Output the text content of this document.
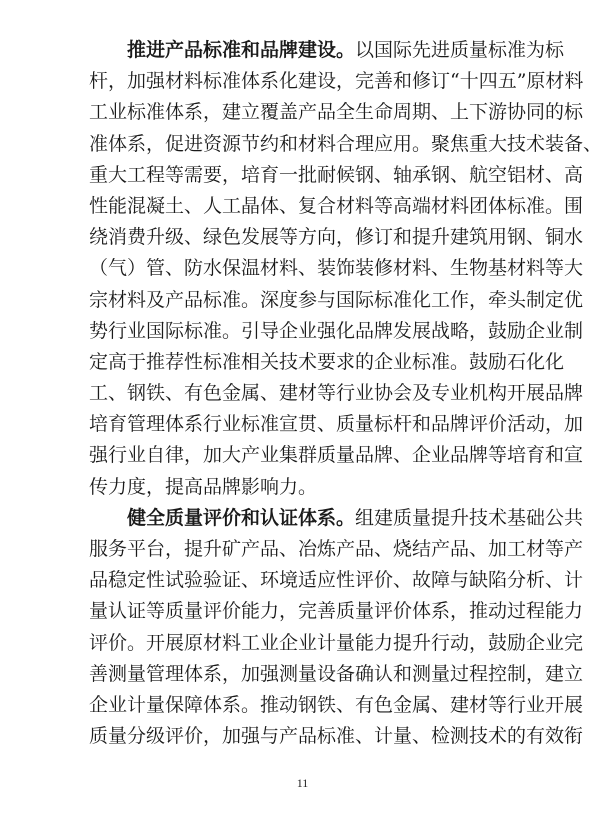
推进产品标准和品牌建设。以国际先进质量标准为标
杆，加强材料标准体系化建设，完善和修订“十四五”原材料
工业标准体系，建立覆盖产品全生命周期、上下游协同的标
准体系，促进资源节约和材料合理应用。聚焦重大技术装备、
重大工程等需要，培育一批耐候钢、轴承钢、航空铝材、高
性能混凝土、人工晶体、复合材料等高端材料团体标准。围
绕消费升级、绿色发展等方向，修订和提升建筑用钢、铜水
（气）管、防水保温材料、装饰装修材料、生物基材料等大
宗材料及产品标准。深度参与国际标准化工作，牵头制定优
势行业国际标准。引导企业强化品牌发展战略，鼓励企业制
定高于推荐性标准相关技术要求的企业标准。鼓励石化化
工、钢铁、有色金属、建材等行业协会及专业机构开展品牌
培育管理体系行业标准宣贯、质量标杆和品牌评价活动，加
强行业自律，加大产业集群质量品牌、企业品牌等培育和宣
传力度，提高品牌影响力。
健全质量评价和认证体系。组建质量提升技术基础公共
服务平台，提升矿产品、冶炼产品、烧结产品、加工材等产
品稳定性试验验证、环境适应性评价、故障与缺陷分析、计
量认证等质量评价能力，完善质量评价体系，推动过程能力
评价。开展原材料工业企业计量能力提升行动，鼓励企业完
善测量管理体系，加强测量设备确认和测量过程控制，建立
企业计量保障体系。推动钢铁、有色金属、建材等行业开展
质量分级评价，加强与产品标准、计量、检测技术的有效衔
11
